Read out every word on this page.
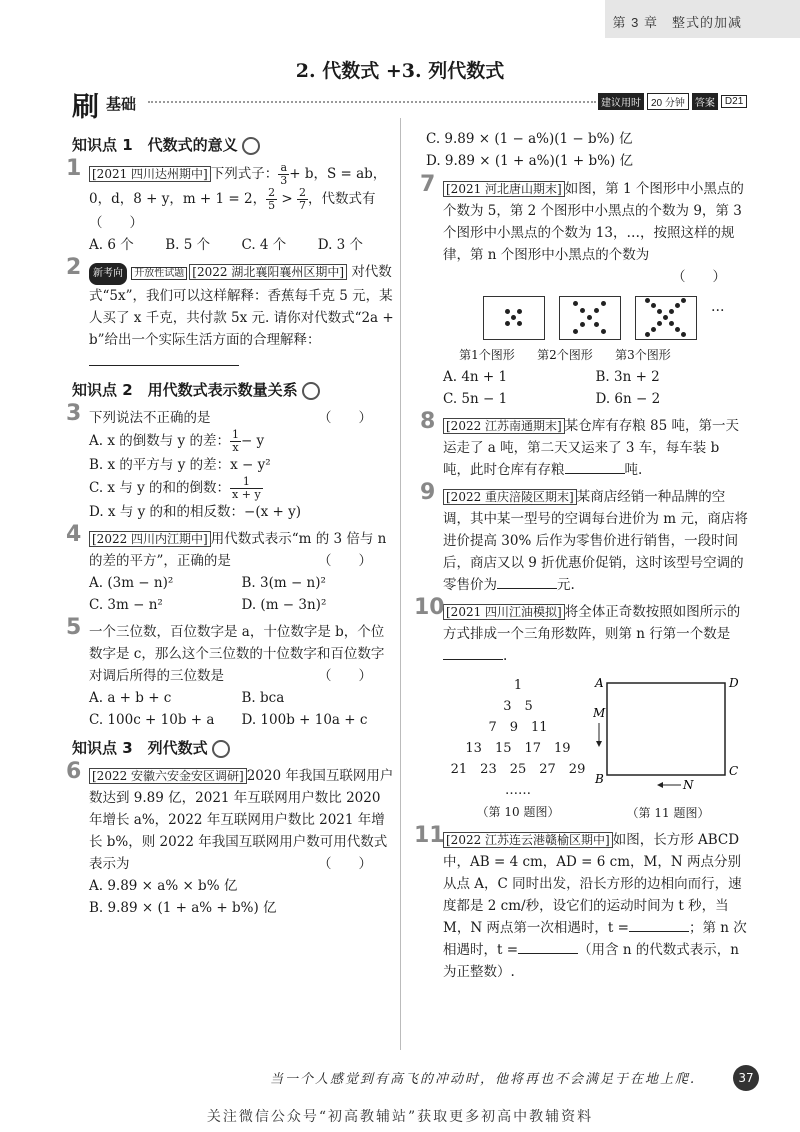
第 3 章　整式的加减
2. 代数式 +3. 列代数式
刷 基础	建议用时	20 分钟	答案	D21
知识点 1　代数式的意义
1 [2021 四川达州期中] 下列式子： $\frac{a}{3} + b$，S = ab，
0，d，8 + y，m + 1 = 2， $\frac{2}{5} > \frac{2}{7}$ ，代数式有（　　）
A. 6 个	B. 5 个	C. 4 个	D. 3 个
2 新考向 开放性试题 [2022 湖北襄阳襄州区期中] 对代数式“5x”，我们可以这样解释：香蕉每千克 5 元，某人买了 x 千克，共付款 5x 元. 请你对代数式“2a + b”给出一个实际生活方面的合理解释：
知识点 2　用代数式表示数量关系
3 下列说法不正确的是	（　　）
A. x 的倒数与 y 的差： $\frac{1}{x} - y$
B. x 的平方与 y 的差：x − y²
C. x 与 y 的和的倒数： $\frac{1}{x + y}$
D. x 与 y 的和的相反数：−(x + y)
4 [2022 四川内江期中] 用代数式表示“m 的 3 倍与 n 的差的平方”，正确的是	（　　）
A. (3m − n)²	B. 3(m − n)²
C. 3m − n²	D. (m − 3n)²
5 一个三位数，百位数字是 a，十位数字是 b，个位数字是 c，那么这个三位数的十位数字和百位数字对调后所得的三位数是	（　　）
A. a + b + c	B. bca
C. 100c + 10b + a	D. 100b + 10a + c
知识点 3　列代数式
6 [2022 安徽六安金安区调研] 2020 年我国互联网用户数达到 9.89 亿，2021 年互联网用户数比 2020 年增长 a%，2022 年互联网用户数比 2021 年增长 b%，则 2022 年我国互联网用户数可用代数式表示为	（　　）
A. 9.89 × a% × b% 亿
B. 9.89 × (1 + a% + b%) 亿
C. 9.89 × (1 − a%)(1 − b%) 亿
D. 9.89 × (1 + a%)(1 + b%) 亿
7 [2021 河北唐山期末] 如图，第 1 个图形中小黑点的个数为 5，第 2 个图形中小黑点的个数为 9，第 3 个图形中小黑点的个数为 13，…，按照这样的规律，第 n 个图形中小黑点的个数为

（　　）

…
第1个图形	第2个图形	第3个图形
A. 4n + 1	B. 3n + 2
C. 5n − 1	D. 6n − 2
8 [2022 江苏南通期末] 某仓库有存粮 85 吨，第一天运走了 a 吨，第二天又运来了 3 车，每车装 b 吨，此时仓库有存粮	吨.
9 [2022 重庆涪陵区期末] 某商店经销一种品牌的空调，其中某一型号的空调每台进价为 m 元，商店将进价提高 30% 后作为零售价进行销售，一段时间后，商店又以 9 折优惠价促销，这时该型号空调的零售价为	元.
10 [2021 四川江油模拟] 将全体正奇数按照如图所示的方式排成一个三角形数阵，则第 n 行第一个数是.
1
3　5
7　9　11
13　15　17　19
21　23　25　27　29
……
（第 10 题图）
A	D
B
C
M
N
（第 11 题图）
11 [2022 江苏连云港赣榆区期中] 如图，长方形 ABCD 中，AB = 4 cm，AD = 6 cm，M，N 两点分别从点 A，C 同时出发，沿长方形的边相向而行，速度都是 2 cm/秒，设它们的运动时间为 t 秒，当 M，N 两点第一次相遇时，t =	；第 n 次相遇时，t =	（用含 n 的代数式表示，n 为正整数）.
当一个人感觉到有高飞的冲动时，他将再也不会满足于在地上爬.	37
关注微信公众号“初高教辅站”获取更多初高中教辅资料
